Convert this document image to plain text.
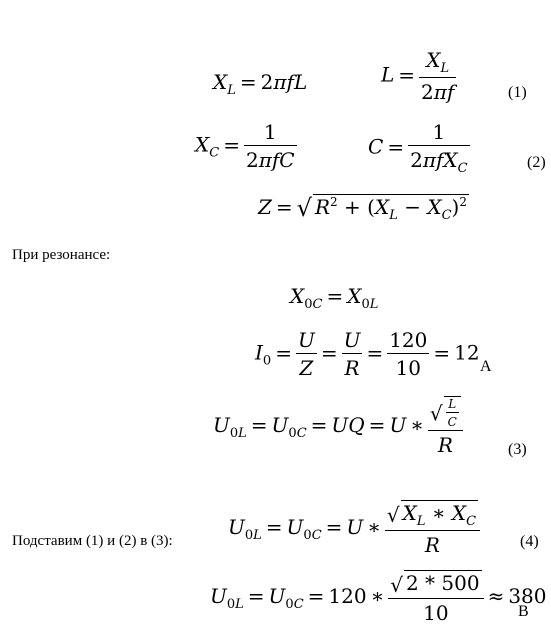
$X_L = 2\pi fL$	$L = \frac{X_L}{2\pi f}$	(1)
$X_C = \frac{1}{\text{2πfC}}$	$C = \frac{1}{2\pi fX_C}$	(2)
Z = √ $R^2 + (X_L - X_C)^2$
При резонансе:
$X_{0C} = X_{0L}$
$I_0 = \frac{U}{Z} = \frac{U}{R} = \frac{120}{10} = 12$
А
$U_{0L} = U_{0C}$ = UQ = U ∗ $\frac{√ \frac{L}{C}}{R}$	(3)
Подставим (1) и (2) в (3):
$U_{0L} = U_{0C} = U$ ∗ $\frac{√ X_L ∗ X_C}{R} (4)$
$U_{0L} = U_{0C} = 120$ ∗ $\frac{√ 2 * 500}{10} \approx 380$
В
